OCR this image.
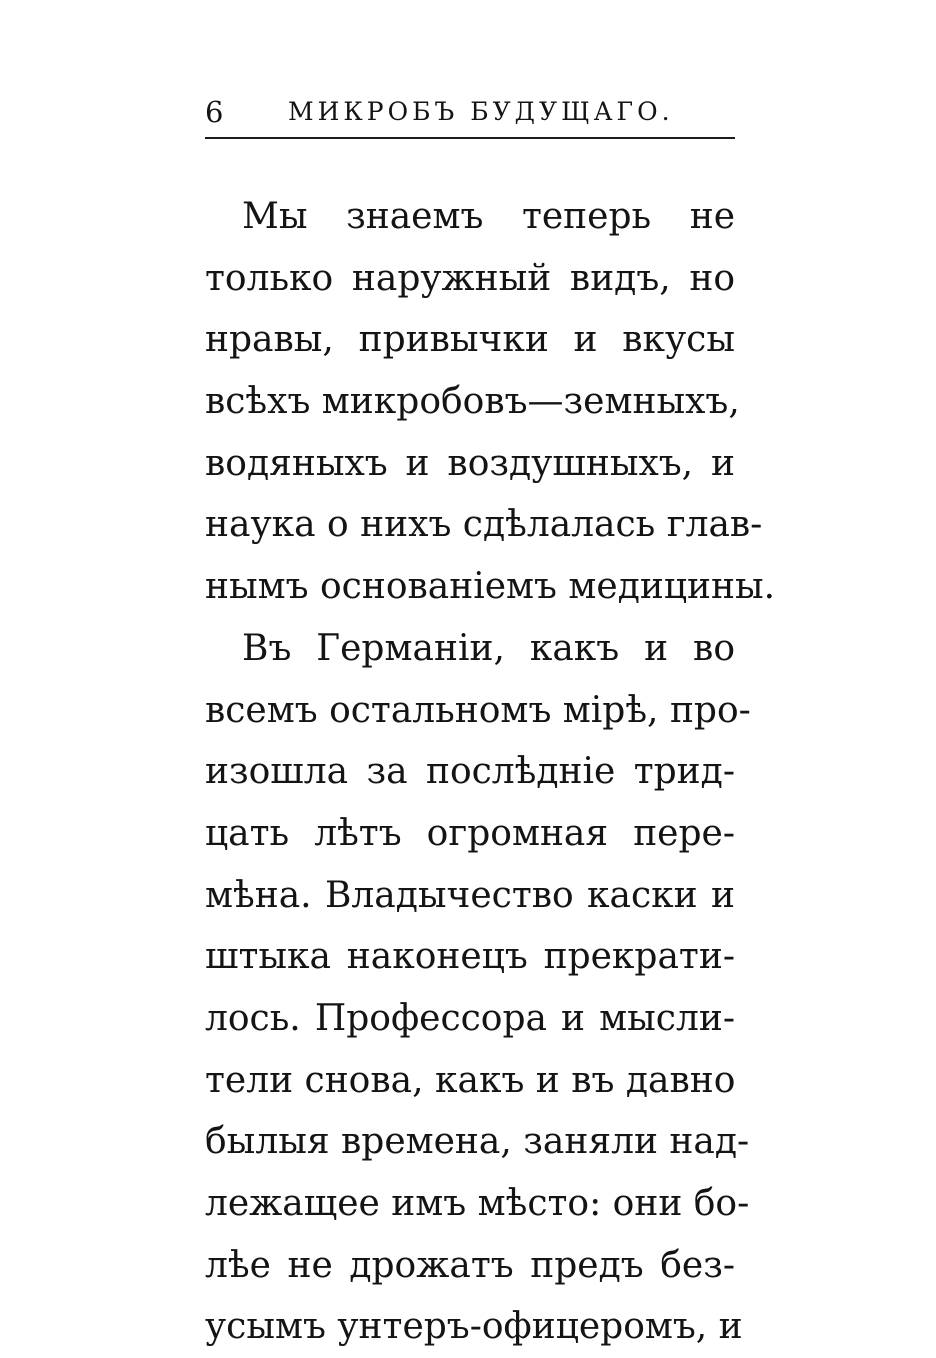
6	МИКРОБЪ БУДУЩАГО.
Мы знаемъ теперь не
только наружный видъ, но
нравы, привычки и вкусы
всѣхъ микробовъ—земныхъ,
водяныхъ и воздушныхъ, и
наука о нихъ сдѣлалась глав-
нымъ основаніемъ медицины.
Въ Германіи, какъ и во
всемъ остальномъ мірѣ, про-
изошла за послѣдніе трид-
цать лѣтъ огромная пере-
мѣна. Владычество каски и
штыка наконецъ прекрати-
лось. Профессора и мысли-
тели снова, какъ и въ давно
былыя времена, заняли над-
лежащее имъ мѣсто: они бо-
лѣе не дрожатъ предъ без-
усымъ унтеръ-офицеромъ, и
